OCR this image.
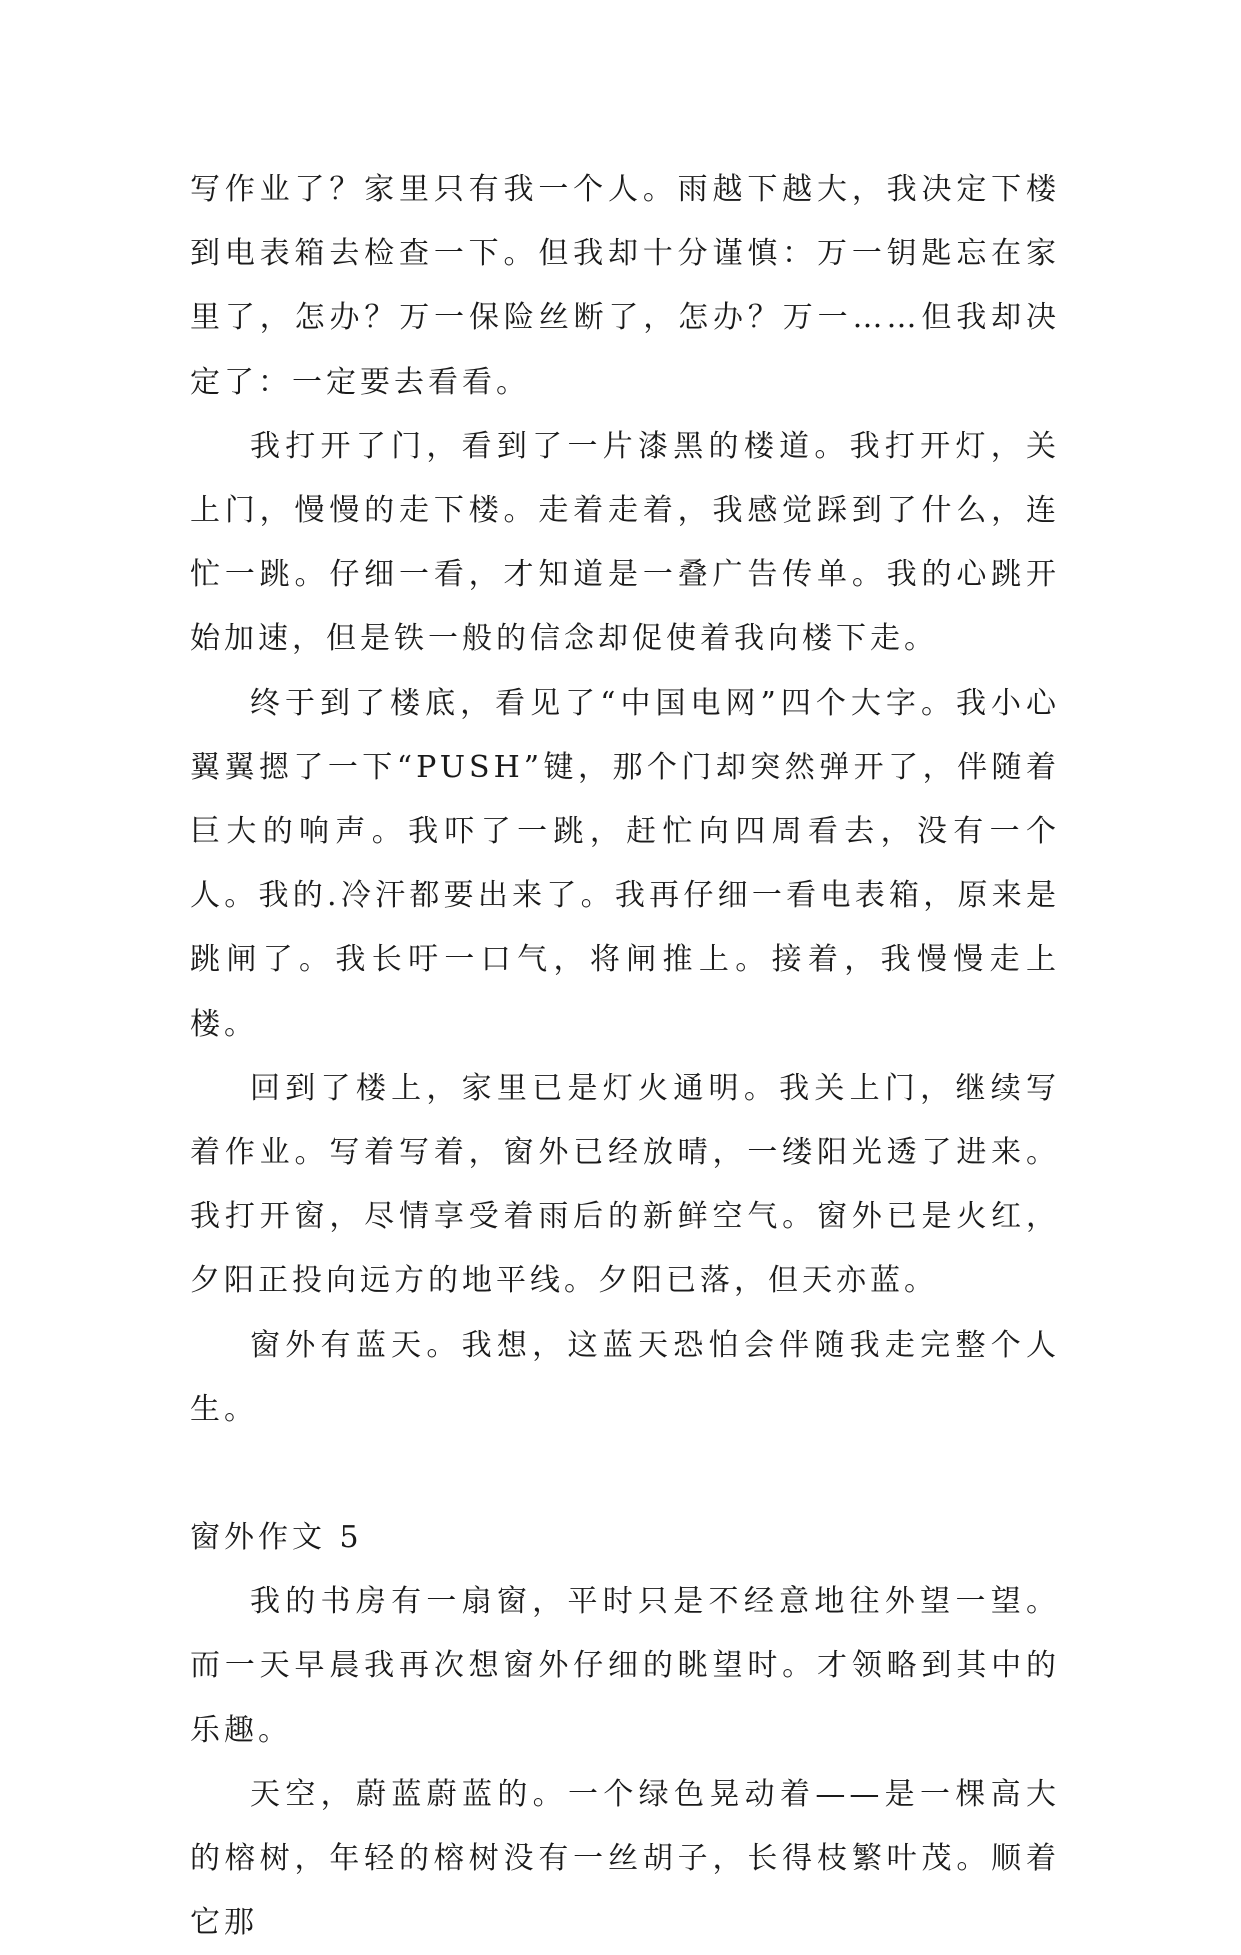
写作业了？家里只有我一个人。雨越下越大，我决定下楼到电表箱去检查一下。但我却十分谨慎：万一钥匙忘在家里了，怎办？万一保险丝断了，怎办？万一……但我却决定了：一定要去看看。

我打开了门，看到了一片漆黑的楼道。我打开灯，关上门，慢慢的走下楼。走着走着，我感觉踩到了什么，连忙一跳。仔细一看，才知道是一叠广告传单。我的心跳开始加速，但是铁一般的信念却促使着我向楼下走。

终于到了楼底，看见了“中国电网”四个大字。我小心翼翼摁了一下“PUSH”键，那个门却突然弹开了，伴随着巨大的响声。我吓了一跳，赶忙向四周看去，没有一个人。我的.冷汗都要出来了。我再仔细一看电表箱，原来是跳闸了。我长吁一口气，将闸推上。接着，我慢慢走上楼。

回到了楼上，家里已是灯火通明。我关上门，继续写着作业。写着写着，窗外已经放晴，一缕阳光透了进来。我打开窗，尽情享受着雨后的新鲜空气。窗外已是火红，夕阳正投向远方的地平线。夕阳已落，但天亦蓝。

窗外有蓝天。我想，这蓝天恐怕会伴随我走完整个人生。

窗外作文 5

我的书房有一扇窗，平时只是不经意地往外望一望。而一天早晨我再次想窗外仔细的眺望时。才领略到其中的乐趣。

天空，蔚蓝蔚蓝的。一个绿色晃动着——是一棵高大的榕树，年轻的榕树没有一丝胡子，长得枝繁叶茂。顺着它那
